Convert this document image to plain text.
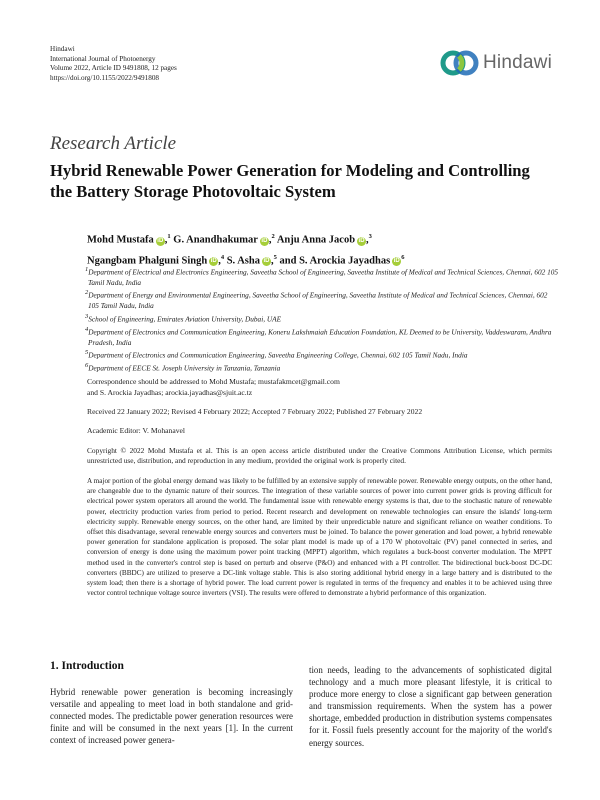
Hindawi
International Journal of Photoenergy
Volume 2022, Article ID 9491808, 12 pages
https://doi.org/10.1155/2022/9491808
Hindawi
Research Article
Hybrid Renewable Power Generation for Modeling and Controlling the Battery Storage Photovoltaic System
Mohd Mustafa iD ,$^1$ G. Anandhakumar iD ,$^2$ Anju Anna Jacob iD ,$^3$
Ngangbam Phalguni Singh iD ,$^4$ S. Asha iD ,$^5$ and S. Arockia Jayadhas $iD^6$
$^1$Department of Electrical and Electronics Engineering, Saveetha School of Engineering, Saveetha Institute of Medical and Technical Sciences, Chennai, 602 105 Tamil Nadu, India
$^2$Department of Energy and Environmental Engineering, Saveetha School of Engineering, Saveetha Institute of Medical and Technical Sciences, Chennai, 602 105 Tamil Nadu, India
$^3$School of Engineering, Emirates Aviation University, Dubai, UAE
$^4$Department of Electronics and Communication Engineering, Koneru Lakshmaiah Education Foundation, KL Deemed to be University, Vaddeswaram, Andhra Pradesh, India
$^5$Department of Electronics and Communication Engineering, Saveetha Engineering College, Chennai, 602 105 Tamil Nadu, India
$^6$Department of EECE St. Joseph University in Tanzania, Tanzania
Correspondence should be addressed to Mohd Mustafa; mustafakmcet@gmail.com
and S. Arockia Jayadhas; arockia.jayadhas@sjuit.ac.tz
Received 22 January 2022; Revised 4 February 2022; Accepted 7 February 2022; Published 27 February 2022
Academic Editor: V. Mohanavel
Copyright © 2022 Mohd Mustafa et al. This is an open access article distributed under the Creative Commons Attribution License, which permits unrestricted use, distribution, and reproduction in any medium, provided the original work is properly cited.
A major portion of the global energy demand was likely to be fulfilled by an extensive supply of renewable power. Renewable energy outputs, on the other hand, are changeable due to the dynamic nature of their sources. The integration of these variable sources of power into current power grids is proving difficult for electrical power system operators all around the world. The fundamental issue with renewable energy systems is that, due to the stochastic nature of renewable power, electricity production varies from period to period. Recent research and development on renewable technologies can ensure the islands' long-term electricity supply. Renewable energy sources, on the other hand, are limited by their unpredictable nature and significant reliance on weather conditions. To offset this disadvantage, several renewable energy sources and converters must be joined. To balance the power generation and load power, a hybrid renewable power generation for standalone application is proposed. The solar plant model is made up of a 170 W photovoltaic (PV) panel connected in series, and conversion of energy is done using the maximum power point tracking (MPPT) algorithm, which regulates a buck-boost converter modulation. The MPPT method used in the converter's control step is based on perturb and observe (P&O) and enhanced with a PI controller. The bidirectional buck-boost DC-DC converters (BBDC) are utilized to preserve a DC-link voltage stable. This is also storing additional hybrid energy in a large battery and is distributed to the system load; then there is a shortage of hybrid power. The load current power is regulated in terms of the frequency and enables it to be achieved using three vector control technique voltage source inverters (VSI). The results were offered to demonstrate a hybrid performance of this organization.
1. Introduction
Hybrid renewable power generation is becoming increasingly versatile and appealing to meet load in both standalone and grid-connected modes. The predictable power generation resources were finite and will be consumed in the next years [1]. In the current context of increased power genera-
tion needs, leading to the advancements of sophisticated digital technology and a much more pleasant lifestyle, it is critical to produce more energy to close a significant gap between generation and transmission requirements. When the system has a power shortage, embedded production in distribution systems compensates for it. Fossil fuels presently account for the majority of the world's energy sources.
